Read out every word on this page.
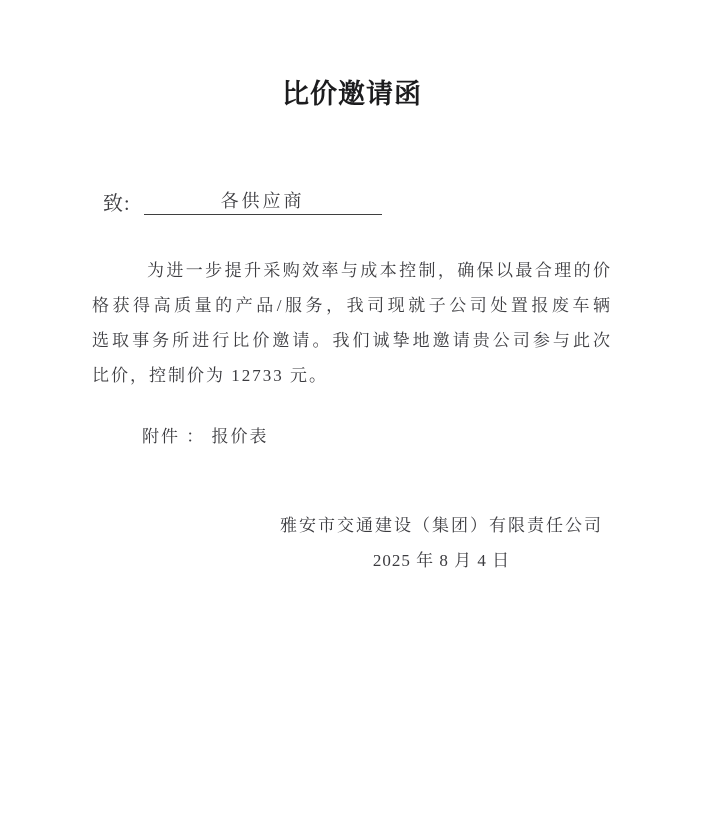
比价邀请函
致:	各供应商
为进一步提升采购效率与成本控制，确保以最合理的价
格获得高质量的产品/服务，我司现就子公司处置报废车辆
选取事务所进行比价邀请。我们诚挚地邀请贵公司参与此次
比价，控制价为 12733 元。

附件 ： 报价表

雅安市交通建设（集团）有限责任公司
2025 年 8 月 4 日
